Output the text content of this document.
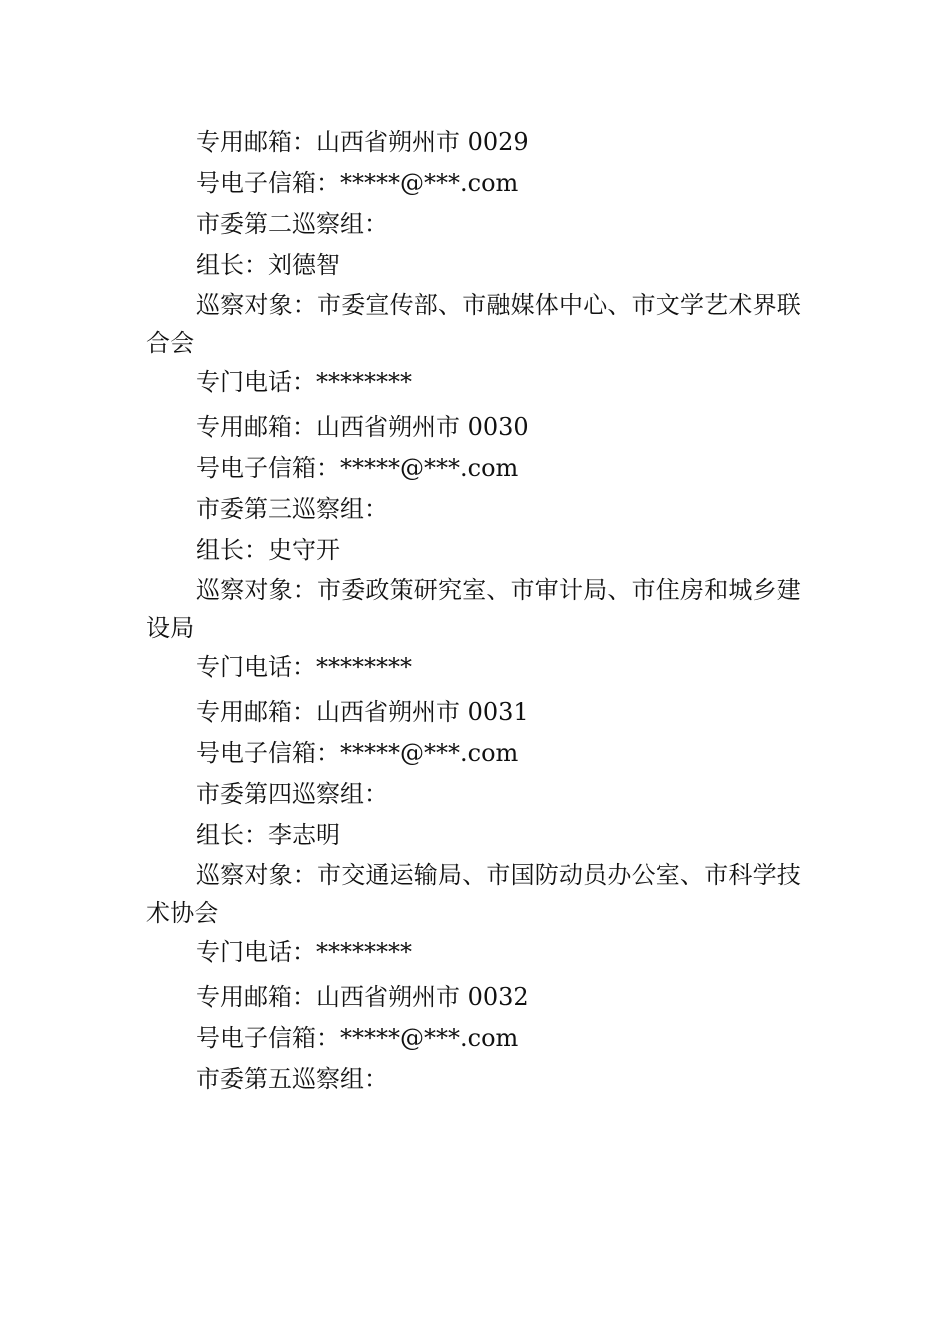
专用邮箱：山西省朔州市 0029
号电子信箱：*****@***.com
市委第二巡察组：
组长：刘德智
巡察对象：市委宣传部、市融媒体中心、市文学艺术界联合会
专门电话：********
专用邮箱：山西省朔州市 0030
号电子信箱：*****@***.com
市委第三巡察组：
组长：史守开
巡察对象：市委政策研究室、市审计局、市住房和城乡建设局
专门电话：********
专用邮箱：山西省朔州市 0031
号电子信箱：*****@***.com
市委第四巡察组：
组长：李志明
巡察对象：市交通运输局、市国防动员办公室、市科学技术协会
专门电话：********
专用邮箱：山西省朔州市 0032
号电子信箱：*****@***.com
市委第五巡察组：
